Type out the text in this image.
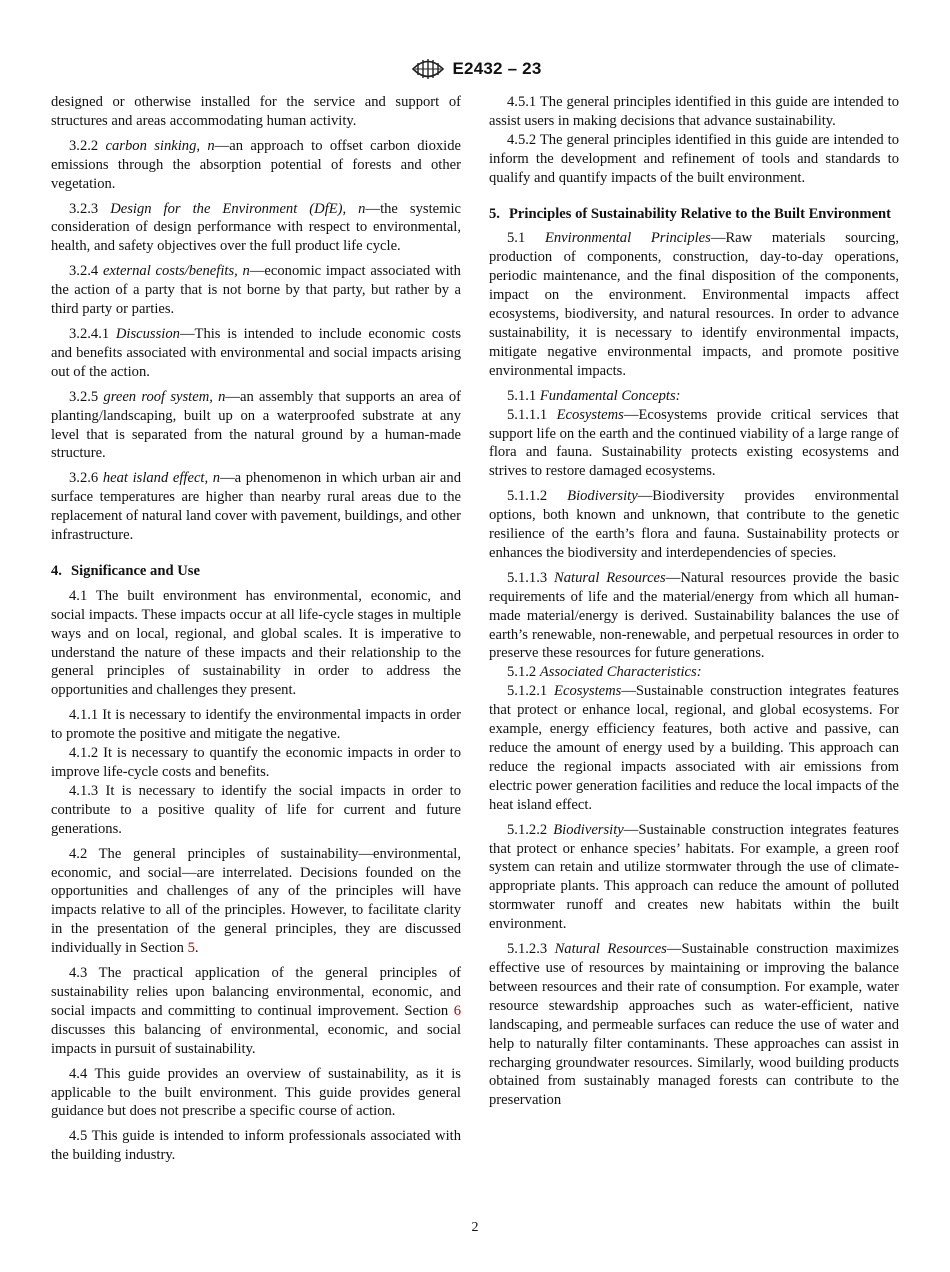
E2432 – 23

designed or otherwise installed for the service and support of structures and areas accommodating human activity.

3.2.2 carbon sinking, n—an approach to offset carbon dioxide emissions through the absorption potential of forests and other vegetation.

3.2.3 Design for the Environment (DfE), n—the systemic consideration of design performance with respect to environmental, health, and safety objectives over the full product life cycle.

3.2.4 external costs/benefits, n—economic impact associated with the action of a party that is not borne by that party, but rather by a third party or parties.

3.2.4.1 Discussion—This is intended to include economic costs and benefits associated with environmental and social impacts arising out of the action.

3.2.5 green roof system, n—an assembly that supports an area of planting/landscaping, built up on a waterproofed substrate at any level that is separated from the natural ground by a human-made structure.

3.2.6 heat island effect, n—a phenomenon in which urban air and surface temperatures are higher than nearby rural areas due to the replacement of natural land cover with pavement, buildings, and other infrastructure.

4. Significance and Use

4.1 The built environment has environmental, economic, and social impacts. These impacts occur at all life-cycle stages in multiple ways and on local, regional, and global scales. It is imperative to understand the nature of these impacts and their relationship to the general principles of sustainability in order to address the opportunities and challenges they present.

4.1.1 It is necessary to identify the environmental impacts in order to promote the positive and mitigate the negative.

4.1.2 It is necessary to quantify the economic impacts in order to improve life-cycle costs and benefits.

4.1.3 It is necessary to identify the social impacts in order to contribute to a positive quality of life for current and future generations.

4.2 The general principles of sustainability—environmental, economic, and social—are interrelated. Decisions founded on the opportunities and challenges of any of the principles will have impacts relative to all of the principles. However, to facilitate clarity in the presentation of the general principles, they are discussed individually in Section 5.

4.3 The practical application of the general principles of sustainability relies upon balancing environmental, economic, and social impacts and committing to continual improvement. Section 6 discusses this balancing of environmental, economic, and social impacts in pursuit of sustainability.

4.4 This guide provides an overview of sustainability, as it is applicable to the built environment. This guide provides general guidance but does not prescribe a specific course of action.

4.5 This guide is intended to inform professionals associated with the building industry.

4.5.1 The general principles identified in this guide are intended to assist users in making decisions that advance sustainability.

4.5.2 The general principles identified in this guide are intended to inform the development and refinement of tools and standards to qualify and quantify impacts of the built environment.

5. Principles of Sustainability Relative to the Built Environment

5.1 Environmental Principles—Raw materials sourcing, production of components, construction, day-to-day operations, periodic maintenance, and the final disposition of the components, impact on the environment. Environmental impacts affect ecosystems, biodiversity, and natural resources. In order to advance sustainability, it is necessary to identify environmental impacts, mitigate negative environmental impacts, and promote positive environmental impacts.

5.1.1 Fundamental Concepts:

5.1.1.1 Ecosystems—Ecosystems provide critical services that support life on the earth and the continued viability of a large range of flora and fauna. Sustainability protects existing ecosystems and strives to restore damaged ecosystems.

5.1.1.2 Biodiversity—Biodiversity provides environmental options, both known and unknown, that contribute to the genetic resilience of the earth’s flora and fauna. Sustainability protects or enhances the biodiversity and interdependencies of species.

5.1.1.3 Natural Resources—Natural resources provide the basic requirements of life and the material/energy from which all human-made material/energy is derived. Sustainability balances the use of earth’s renewable, non-renewable, and perpetual resources in order to preserve these resources for future generations.

5.1.2 Associated Characteristics:

5.1.2.1 Ecosystems—Sustainable construction integrates features that protect or enhance local, regional, and global ecosystems. For example, energy efficiency features, both active and passive, can reduce the amount of energy used by a building. This approach can reduce the regional impacts associated with air emissions from electric power generation facilities and reduce the local impacts of the heat island effect.

5.1.2.2 Biodiversity—Sustainable construction integrates features that protect or enhance species’ habitats. For example, a green roof system can retain and utilize stormwater through the use of climate-appropriate plants. This approach can reduce the amount of polluted stormwater runoff and creates new habitats within the built environment.

5.1.2.3 Natural Resources—Sustainable construction maximizes effective use of resources by maintaining or improving the balance between resources and their rate of consumption. For example, water resource stewardship approaches such as water-efficient, native landscaping, and permeable surfaces can reduce the use of water and help to naturally filter contaminants. These approaches can assist in recharging groundwater resources. Similarly, wood building products obtained from sustainably managed forests can contribute to the preservation

2
